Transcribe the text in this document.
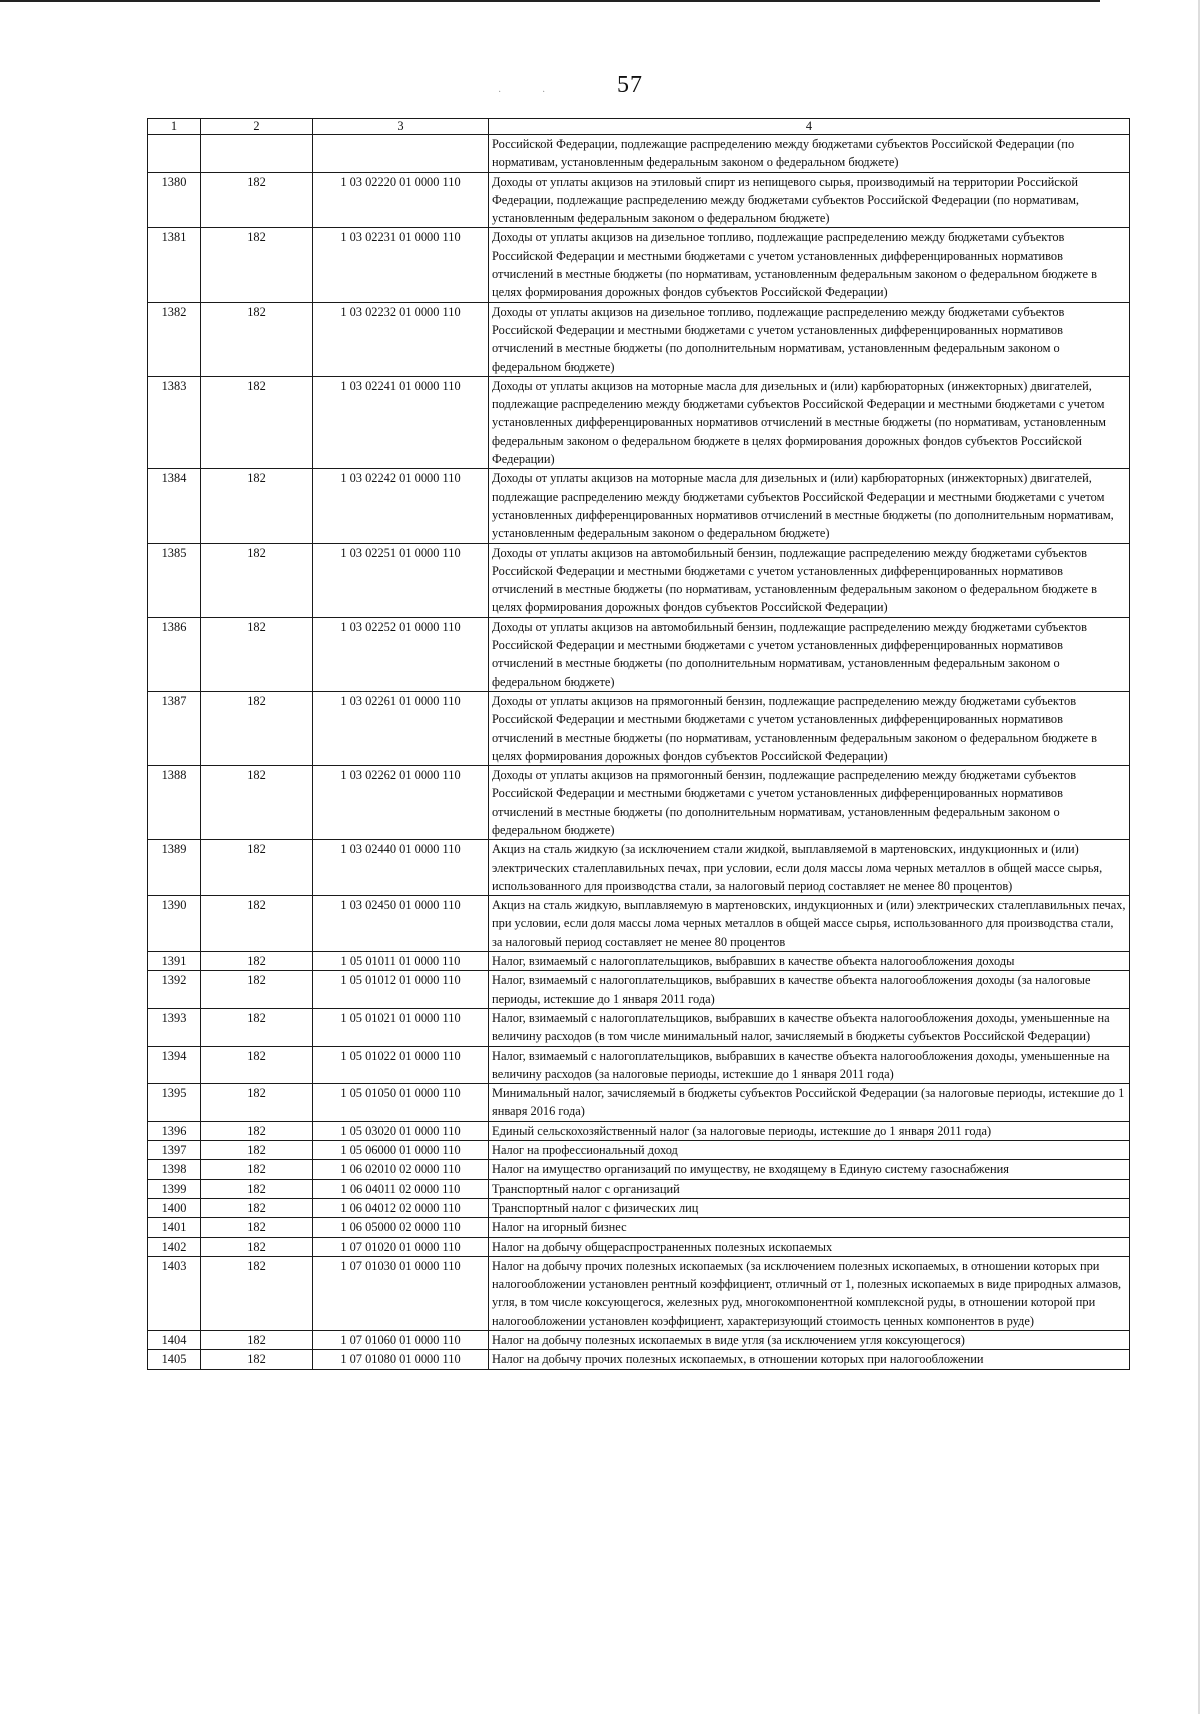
57
·	·
1	2	3	4
			Российской Федерации, подлежащие распределению между бюджетами субъектов Российской Федерации (по нормативам, установленным федеральным законом о федеральном бюджете)
1380	182	1 03 02220 01 0000 110	Доходы от уплаты акцизов на этиловый спирт из непищевого сырья, производимый на территории Российской Федерации, подлежащие распределению между бюджетами субъектов Российской Федерации (по нормативам, установленным федеральным законом о федеральном бюджете)
1381	182	1 03 02231 01 0000 110	Доходы от уплаты акцизов на дизельное топливо, подлежащие распределению между бюджетами субъектов Российской Федерации и местными бюджетами с учетом установленных дифференцированных нормативов отчислений в местные бюджеты (по нормативам, установленным федеральным законом о федеральном бюджете в целях формирования дорожных фондов субъектов Российской Федерации)
1382	182	1 03 02232 01 0000 110	Доходы от уплаты акцизов на дизельное топливо, подлежащие распределению между бюджетами субъектов Российской Федерации и местными бюджетами с учетом установленных дифференцированных нормативов отчислений в местные бюджеты (по дополнительным нормативам, установленным федеральным законом о федеральном бюджете)
1383	182	1 03 02241 01 0000 110	Доходы от уплаты акцизов на моторные масла для дизельных и (или) карбюраторных (инжекторных) двигателей, подлежащие распределению между бюджетами субъектов Российской Федерации и местными бюджетами с учетом установленных дифференцированных нормативов отчислений в местные бюджеты (по нормативам, установленным федеральным законом о федеральном бюджете в целях формирования дорожных фондов субъектов Российской Федерации)
1384	182	1 03 02242 01 0000 110	Доходы от уплаты акцизов на моторные масла для дизельных и (или) карбюраторных (инжекторных) двигателей, подлежащие распределению между бюджетами субъектов Российской Федерации и местными бюджетами с учетом установленных дифференцированных нормативов отчислений в местные бюджеты (по дополнительным нормативам, установленным федеральным законом о федеральном бюджете)
1385	182	1 03 02251 01 0000 110	Доходы от уплаты акцизов на автомобильный бензин, подлежащие распределению между бюджетами субъектов Российской Федерации и местными бюджетами с учетом установленных дифференцированных нормативов отчислений в местные бюджеты (по нормативам, установленным федеральным законом о федеральном бюджете в целях формирования дорожных фондов субъектов Российской Федерации)
1386	182	1 03 02252 01 0000 110	Доходы от уплаты акцизов на автомобильный бензин, подлежащие распределению между бюджетами субъектов Российской Федерации и местными бюджетами с учетом установленных дифференцированных нормативов отчислений в местные бюджеты (по дополнительным нормативам, установленным федеральным законом о федеральном бюджете)
1387	182	1 03 02261 01 0000 110	Доходы от уплаты акцизов на прямогонный бензин, подлежащие распределению между бюджетами субъектов Российской Федерации и местными бюджетами с учетом установленных дифференцированных нормативов отчислений в местные бюджеты (по нормативам, установленным федеральным законом о федеральном бюджете в целях формирования дорожных фондов субъектов Российской Федерации)
1388	182	1 03 02262 01 0000 110	Доходы от уплаты акцизов на прямогонный бензин, подлежащие распределению между бюджетами субъектов Российской Федерации и местными бюджетами с учетом установленных дифференцированных нормативов отчислений в местные бюджеты (по дополнительным нормативам, установленным федеральным законом о федеральном бюджете)
1389	182	1 03 02440 01 0000 110	Акциз на сталь жидкую (за исключением стали жидкой, выплавляемой в мартеновских, индукционных и (или) электрических сталеплавильных печах, при условии, если доля массы лома черных металлов в общей массе сырья, использованного для производства стали, за налоговый период составляет не менее 80 процентов)
1390	182	1 03 02450 01 0000 110	Акциз на сталь жидкую, выплавляемую в мартеновских, индукционных и (или) электрических сталеплавильных печах, при условии, если доля массы лома черных металлов в общей массе сырья, использованного для производства стали, за налоговый период составляет не менее 80 процентов
1391	182	1 05 01011 01 0000 110	Налог, взимаемый с налогоплательщиков, выбравших в качестве объекта налогообложения доходы
1392	182	1 05 01012 01 0000 110	Налог, взимаемый с налогоплательщиков, выбравших в качестве объекта налогообложения доходы (за налоговые периоды, истекшие до 1 января 2011 года)
1393	182	1 05 01021 01 0000 110	Налог, взимаемый с налогоплательщиков, выбравших в качестве объекта налогообложения доходы, уменьшенные на величину расходов (в том числе минимальный налог, зачисляемый в бюджеты субъектов Российской Федерации)
1394	182	1 05 01022 01 0000 110	Налог, взимаемый с налогоплательщиков, выбравших в качестве объекта налогообложения доходы, уменьшенные на величину расходов (за налоговые периоды, истекшие до 1 января 2011 года)
1395	182	1 05 01050 01 0000 110	Минимальный налог, зачисляемый в бюджеты субъектов Российской Федерации (за налоговые периоды, истекшие до 1 января 2016 года)
1396	182	1 05 03020 01 0000 110	Единый сельскохозяйственный налог (за налоговые периоды, истекшие до 1 января 2011 года)
1397	182	1 05 06000 01 0000 110	Налог на профессиональный доход
1398	182	1 06 02010 02 0000 110	Налог на имущество организаций по имуществу, не входящему в Единую систему газоснабжения
1399	182	1 06 04011 02 0000 110	Транспортный налог с организаций
1400	182	1 06 04012 02 0000 110	Транспортный налог с физических лиц
1401	182	1 06 05000 02 0000 110	Налог на игорный бизнес
1402	182	1 07 01020 01 0000 110	Налог на добычу общераспространенных полезных ископаемых
1403	182	1 07 01030 01 0000 110	Налог на добычу прочих полезных ископаемых (за исключением полезных ископаемых, в отношении которых при налогообложении установлен рентный коэффициент, отличный от 1, полезных ископаемых в виде природных алмазов, угля, в том числе коксующегося, железных руд, многокомпонентной комплексной руды, в отношении которой при налогообложении установлен коэффициент, характеризующий стоимость ценных компонентов в руде)
1404	182	1 07 01060 01 0000 110	Налог на добычу полезных ископаемых в виде угля (за исключением угля коксующегося)
1405	182	1 07 01080 01 0000 110	Налог на добычу прочих полезных ископаемых, в отношении которых при налогообложении
